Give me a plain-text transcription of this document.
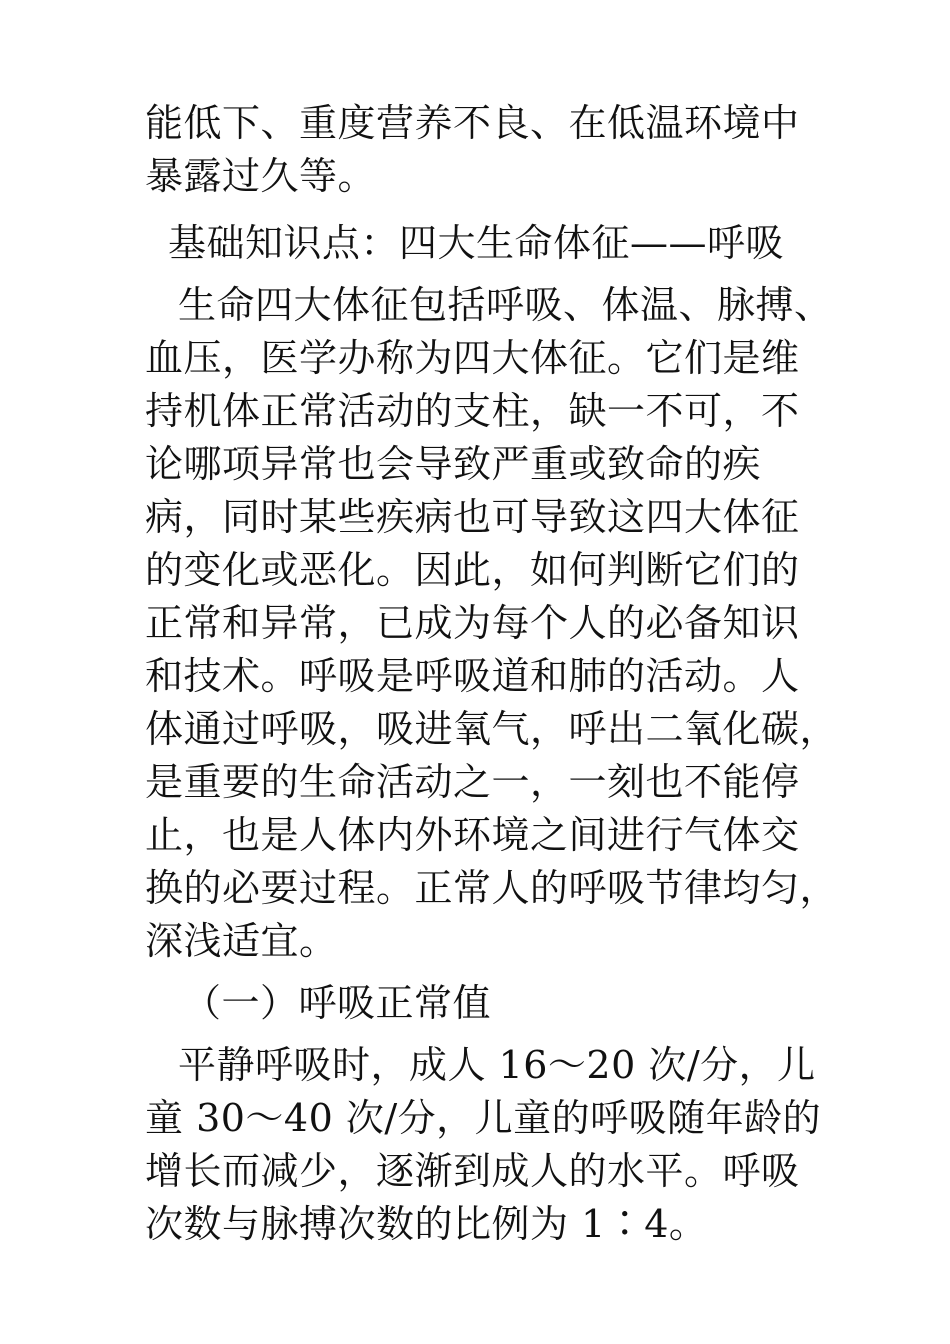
能低下、重度营养不良、在低温环境中
暴露过久等。
基础知识点：四大生命体征——呼吸
生命四大体征包括呼吸、体温、脉搏、
血压，医学办称为四大体征。它们是维
持机体正常活动的支柱，缺一不可，不
论哪项异常也会导致严重或致命的疾
病，同时某些疾病也可导致这四大体征
的变化或恶化。因此，如何判断它们的
正常和异常，已成为每个人的必备知识
和技术。呼吸是呼吸道和肺的活动。人
体通过呼吸，吸进氧气，呼出二氧化碳，
是重要的生命活动之一，一刻也不能停
止，也是人体内外环境之间进行气体交
换的必要过程。正常人的呼吸节律均匀，
深浅适宜。
（一）呼吸正常值
平静呼吸时，成人 16～20 次/分，儿
童 30～40 次/分，儿童的呼吸随年龄的
增长而减少，逐渐到成人的水平。呼吸
次数与脉搏次数的比例为 1∶4。
